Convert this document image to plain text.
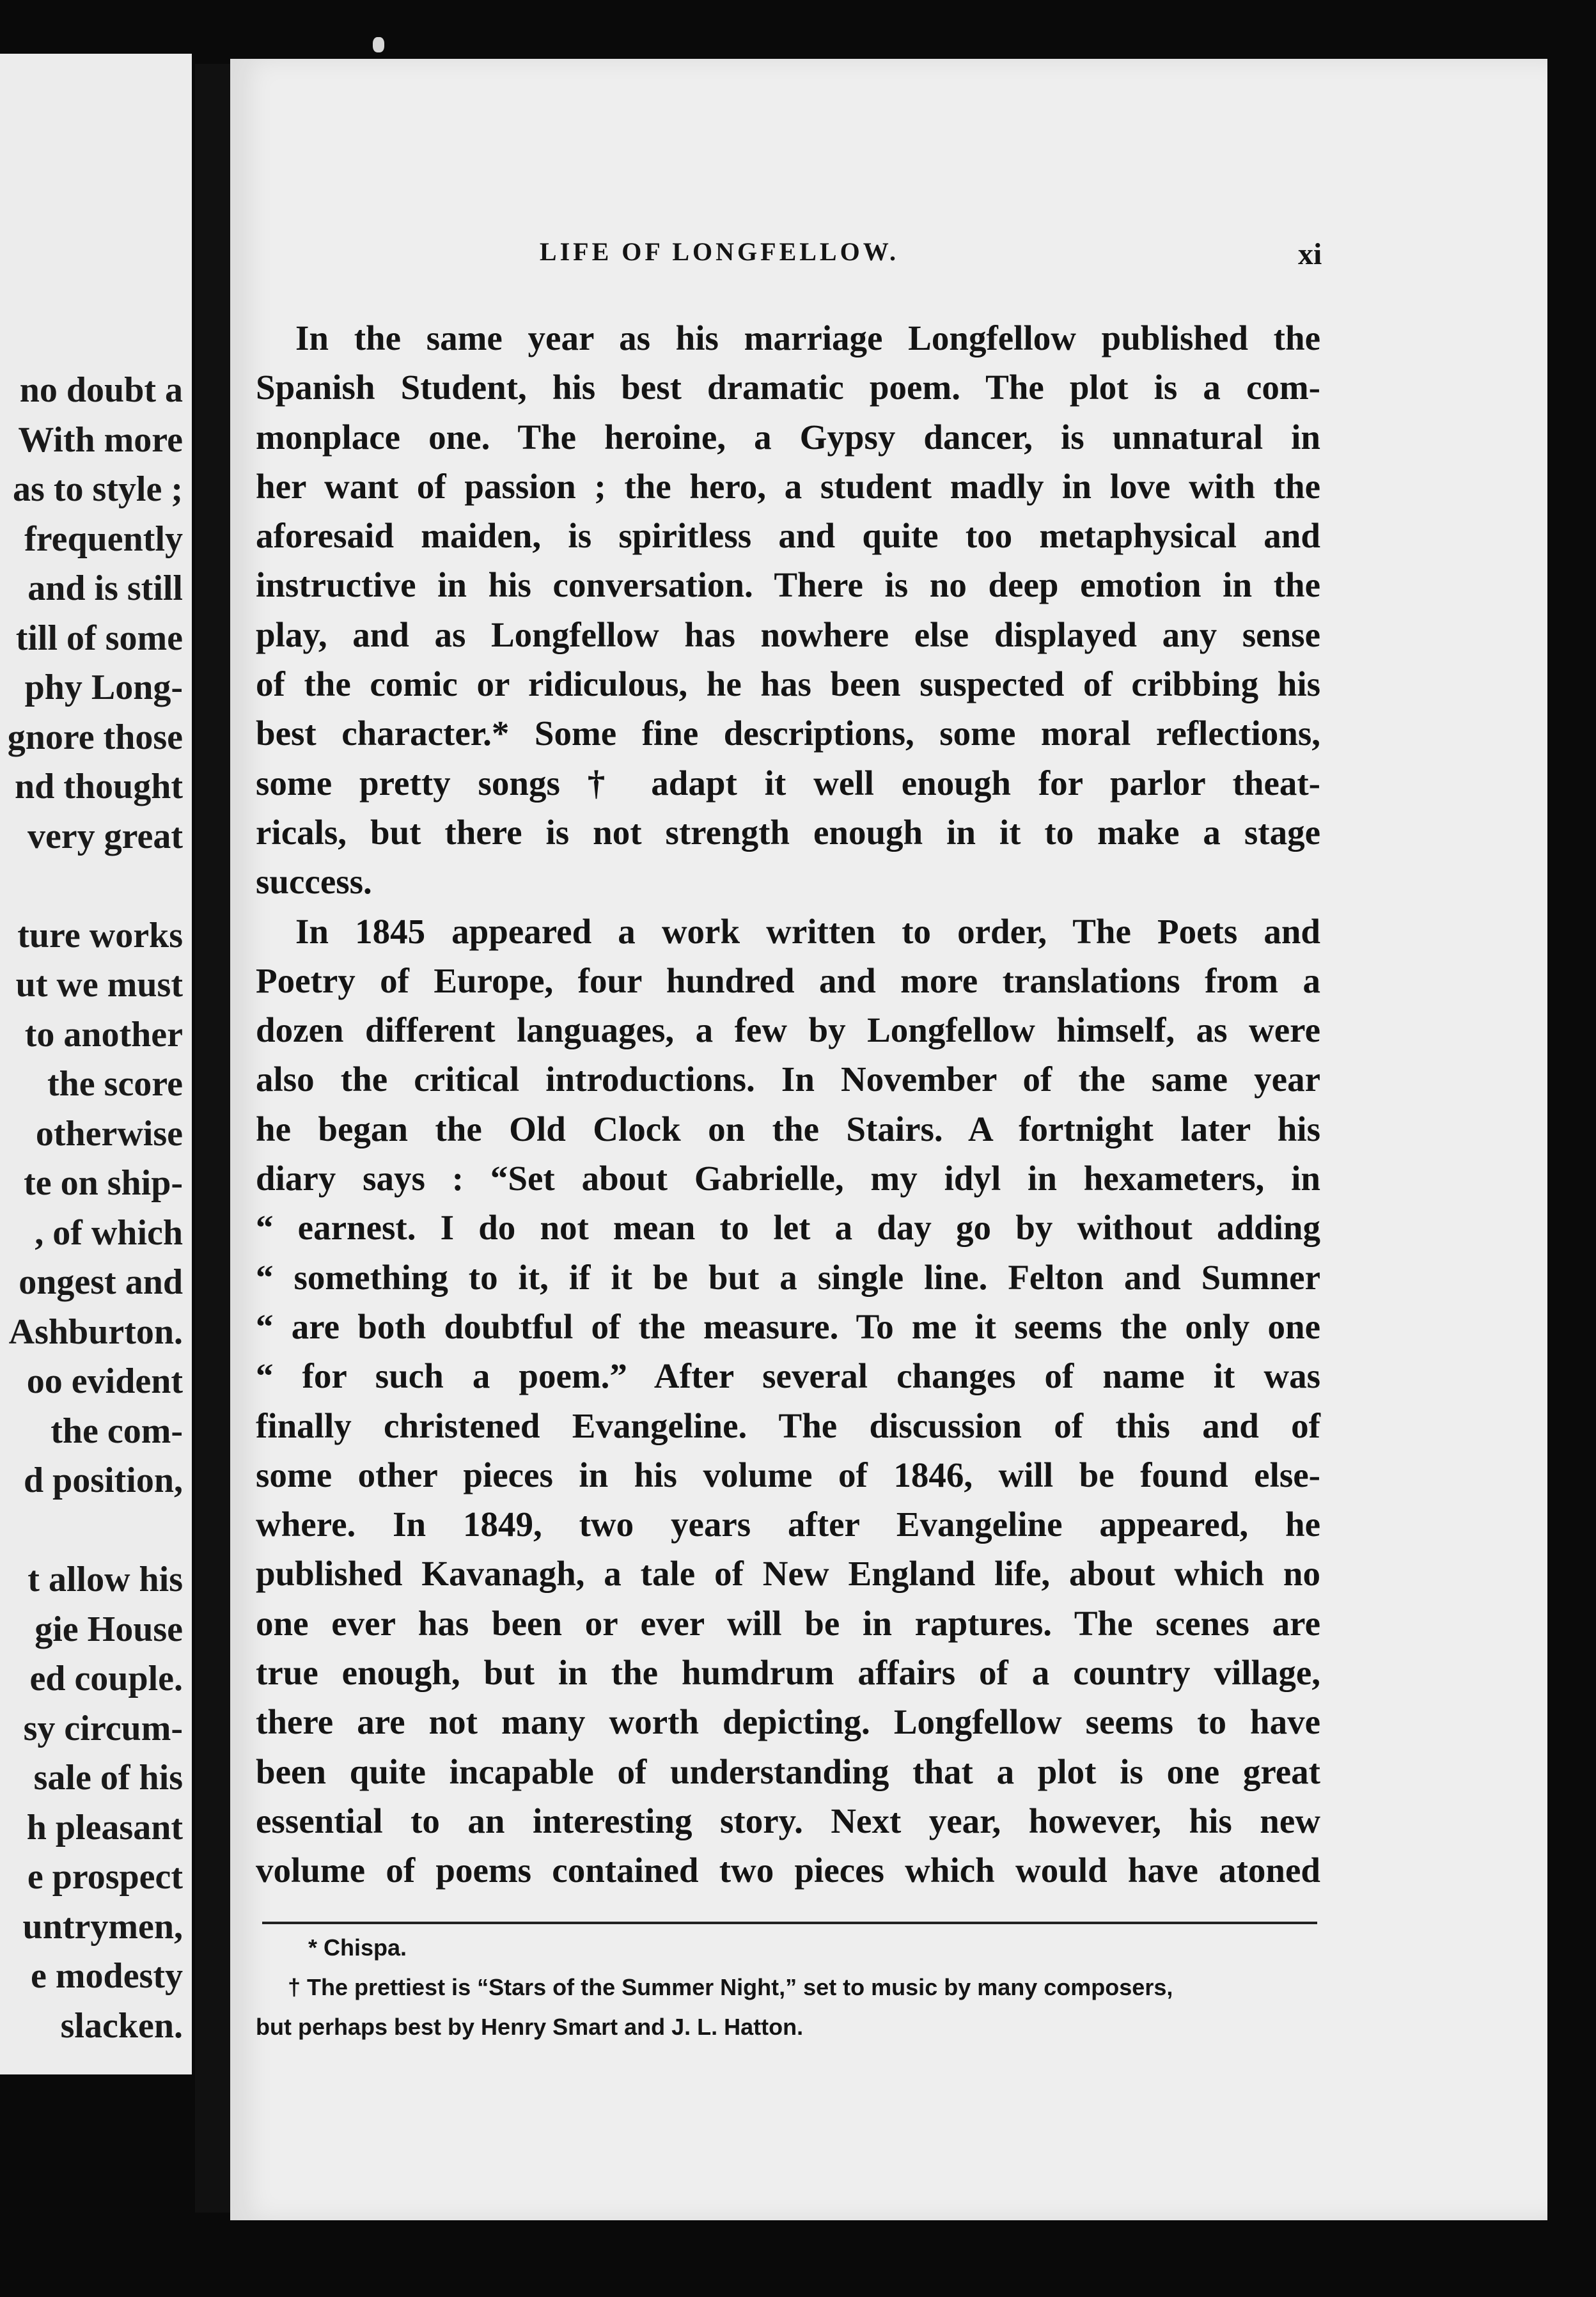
no doubt a
With more
as to style ;
frequently
and is still
till of some
phy Long-
gnore those
nd thought
very great
ture works
ut we must
to another
the score
otherwise
te on ship-
, of which
ongest and
Ashburton.
oo evident
the com-
d position,
t allow his
gie House
ed couple.
sy circum-
sale of his
h pleasant
e prospect
untrymen,
e modesty
slacken.
LIFE OF LONGFELLOW.	xi
In the same year as his marriage Longfellow published the
Spanish Student, his best dramatic poem. The plot is a com-
monplace one. The heroine, a Gypsy dancer, is unnatural in
her want of passion ; the hero, a student madly in love with the
aforesaid maiden, is spiritless and quite too metaphysical and
instructive in his conversation. There is no deep emotion in the
play, and as Longfellow has nowhere else displayed any sense
of the comic or ridiculous, he has been suspected of cribbing his
best character.* Some fine descriptions, some moral reflections,
some pretty songs † adapt it well enough for parlor theat-
ricals, but there is not strength enough in it to make a stage
success.
In 1845 appeared a work written to order, The Poets and
Poetry of Europe, four hundred and more translations from a
dozen different languages, a few by Longfellow himself, as were
also the critical introductions. In November of the same year
he began the Old Clock on the Stairs. A fortnight later his
diary says : “Set about Gabrielle, my idyl in hexameters, in
“ earnest. I do not mean to let a day go by without adding
“ something to it, if it be but a single line. Felton and Sumner
“ are both doubtful of the measure. To me it seems the only one
“ for such a poem.” After several changes of name it was
finally christened Evangeline. The discussion of this and of
some other pieces in his volume of 1846, will be found else-
where. In 1849, two years after Evangeline appeared, he
published Kavanagh, a tale of New England life, about which no
one ever has been or ever will be in raptures. The scenes are
true enough, but in the humdrum affairs of a country village,
there are not many worth depicting. Longfellow seems to have
been quite incapable of understanding that a plot is one great
essential to an interesting story. Next year, however, his new
volume of poems contained two pieces which would have atoned
* Chispa.
† The prettiest is “Stars of the Summer Night,” set to music by many composers,
but perhaps best by Henry Smart and J. L. Hatton.
